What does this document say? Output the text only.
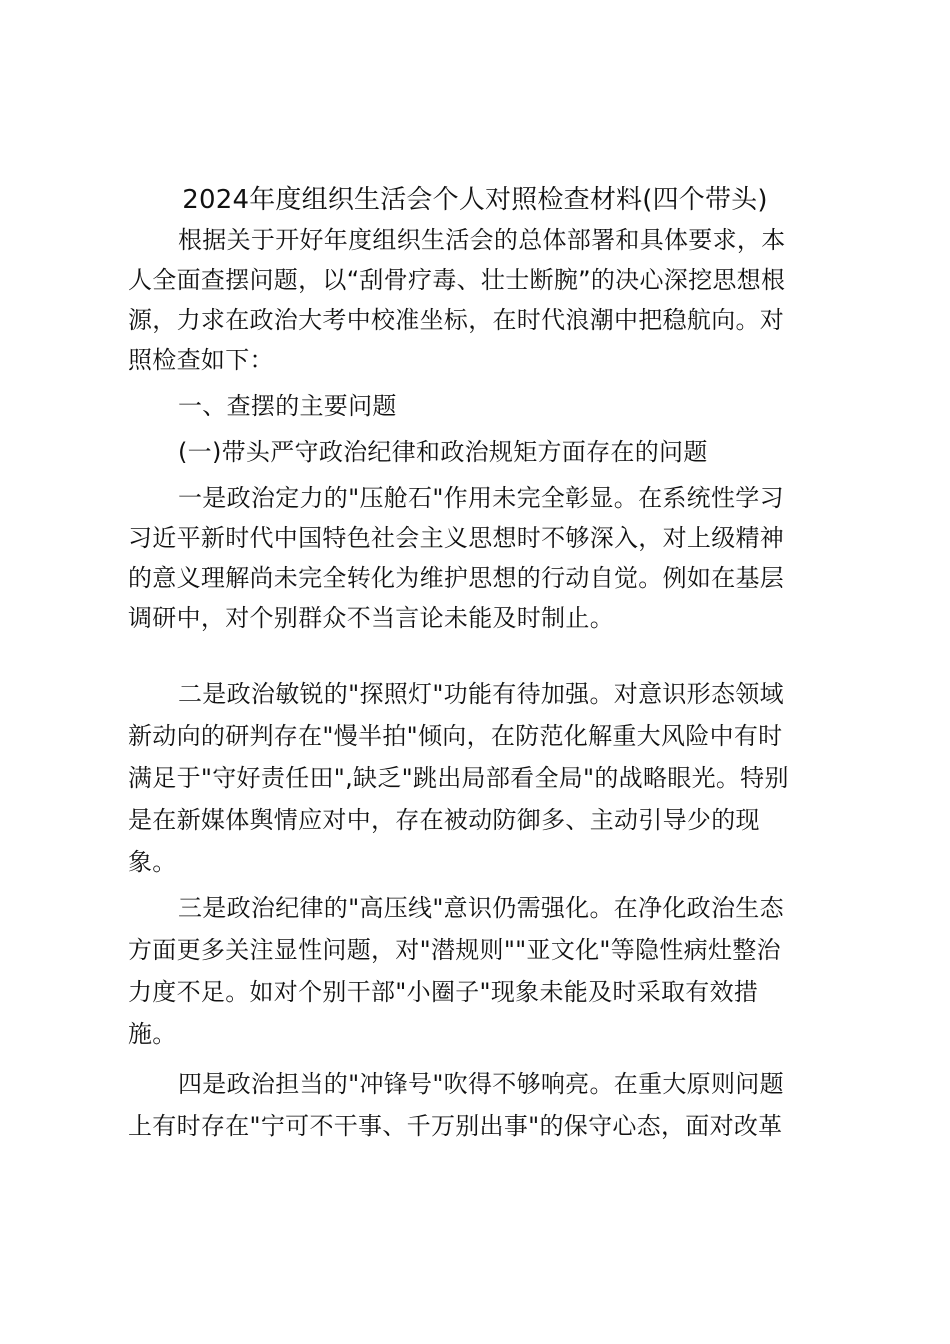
2024年度组织生活会个人对照检查材料(四个带头)
根据关于开好年度组织生活会的总体部署和具体要求，本
人全面查摆问题，以“刮骨疗毒、壮士断腕”的决心深挖思想根
源，力求在政治大考中校准坐标，在时代浪潮中把稳航向。对
照检查如下：
一、查摆的主要问题
(一)带头严守政治纪律和政治规矩方面存在的问题
一是政治定力的"压舱石"作用未完全彰显。在系统性学习
习近平新时代中国特色社会主义思想时不够深入，对上级精神
的意义理解尚未完全转化为维护思想的行动自觉。例如在基层
调研中，对个别群众不当言论未能及时制止。
二是政治敏锐的"探照灯"功能有待加强。对意识形态领域
新动向的研判存在"慢半拍"倾向，在防范化解重大风险中有时
满足于"守好责任田",缺乏"跳出局部看全局"的战略眼光。特别
是在新媒体舆情应对中，存在被动防御多、主动引导少的现
象。
三是政治纪律的"高压线"意识仍需强化。在净化政治生态
方面更多关注显性问题，对"潜规则""亚文化"等隐性病灶整治
力度不足。如对个别干部"小圈子"现象未能及时采取有效措
施。
四是政治担当的"冲锋号"吹得不够响亮。在重大原则问题
上有时存在"宁可不干事、千万别出事"的保守心态，面对改革
